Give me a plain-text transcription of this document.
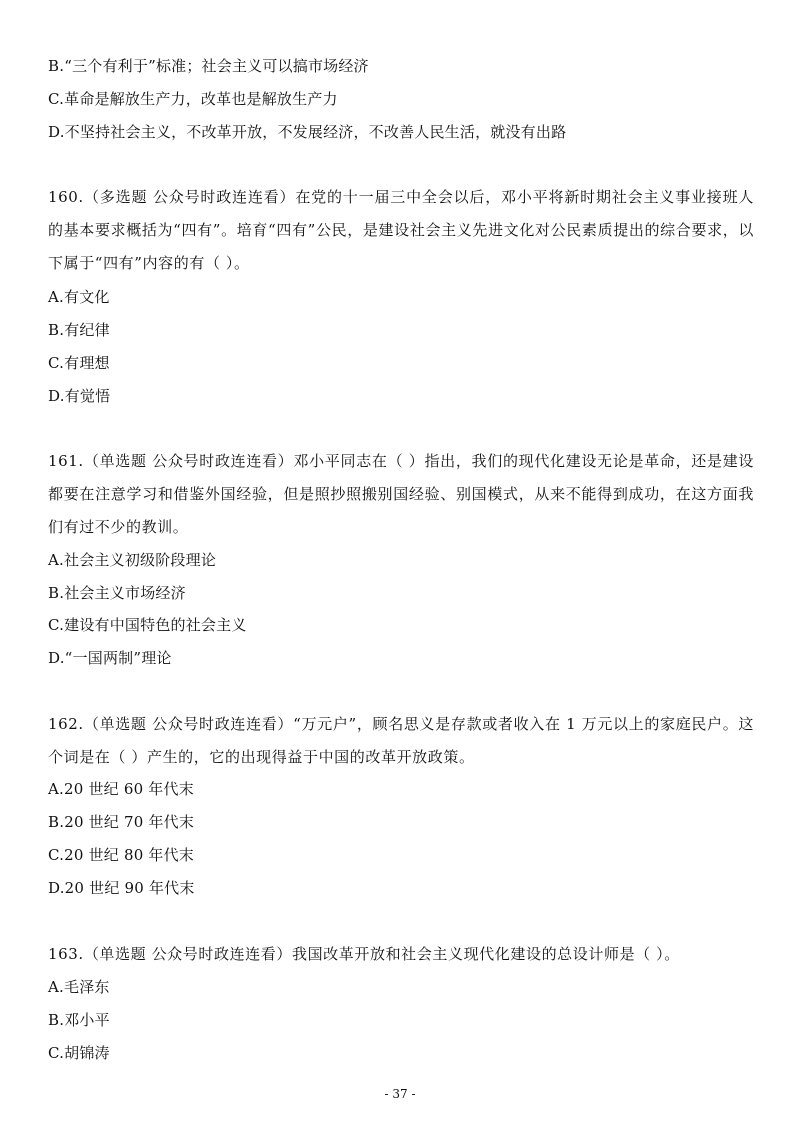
B.“三个有利于”标准；社会主义可以搞市场经济
C.革命是解放生产力，改革也是解放生产力
D.不坚持社会主义，不改革开放，不发展经济，不改善人民生活，就没有出路
160.（多选题 公众号时政连连看）在党的十一届三中全会以后，邓小平将新时期社会主义事业接班人的基本要求概括为“四有”。培育“四有”公民，是建设社会主义先进文化对公民素质提出的综合要求，以下属于“四有”内容的有（ ）。
A.有文化
B.有纪律
C.有理想
D.有觉悟
161.（单选题 公众号时政连连看）邓小平同志在（ ）指出，我们的现代化建设无论是革命，还是建设都要在注意学习和借鉴外国经验，但是照抄照搬别国经验、别国模式，从来不能得到成功，在这方面我们有过不少的教训。
A.社会主义初级阶段理论
B.社会主义市场经济
C.建设有中国特色的社会主义
D.“一国两制”理论
162.（单选题 公众号时政连连看）“万元户”，顾名思义是存款或者收入在 1 万元以上的家庭民户。这个词是在（ ）产生的，它的出现得益于中国的改革开放政策。
A.20 世纪 60 年代末
B.20 世纪 70 年代末
C.20 世纪 80 年代末
D.20 世纪 90 年代末
163.（单选题 公众号时政连连看）我国改革开放和社会主义现代化建设的总设计师是（ ）。
A.毛泽东
B.邓小平
C.胡锦涛
- 37 -
